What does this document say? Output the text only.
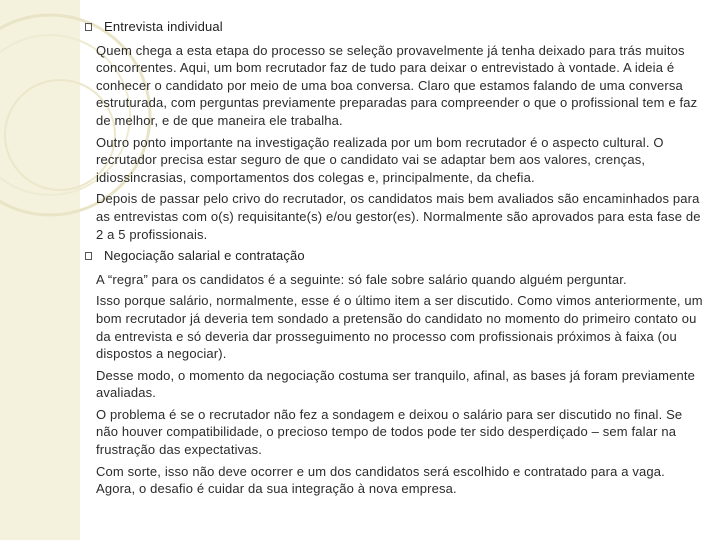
Entrevista individual

Quem chega a esta etapa do processo se seleção provavelmente já tenha deixado para trás muitos concorrentes. Aqui, um bom recrutador faz de tudo para deixar o entrevistado à vontade. A ideia é conhecer o candidato por meio de uma boa conversa. Claro que estamos falando de uma conversa estruturada, com perguntas previamente preparadas para compreender o que o profissional tem e faz de melhor, e de que maneira ele trabalha.

Outro ponto importante na investigação realizada por um bom recrutador é o aspecto cultural. O recrutador precisa estar seguro de que o candidato vai se adaptar bem aos valores, crenças, idiossincrasias, comportamentos dos colegas e, principalmente, da chefia.

Depois de passar pelo crivo do recrutador, os candidatos mais bem avaliados são encaminhados para as entrevistas com o(s) requisitante(s) e/ou gestor(es). Normalmente são aprovados para esta fase de 2 a 5 profissionais.

Negociação salarial e contratação

A “regra” para os candidatos é a seguinte: só fale sobre salário quando alguém perguntar.

Isso porque salário, normalmente, esse é o último item a ser discutido. Como vimos anteriormente, um bom recrutador já deveria tem sondado a pretensão do candidato no momento do primeiro contato ou da entrevista e só deveria dar prosseguimento no processo com profissionais próximos à faixa (ou dispostos a negociar).

Desse modo, o momento da negociação costuma ser tranquilo, afinal, as bases já foram previamente avaliadas.

O problema é se o recrutador não fez a sondagem e deixou o salário para ser discutido no final. Se não houver compatibilidade, o precioso tempo de todos pode ter sido desperdiçado – sem falar na frustração das expectativas.

Com sorte, isso não deve ocorrer e um dos candidatos será escolhido e contratado para a vaga. Agora, o desafio é cuidar da sua integração à nova empresa.
